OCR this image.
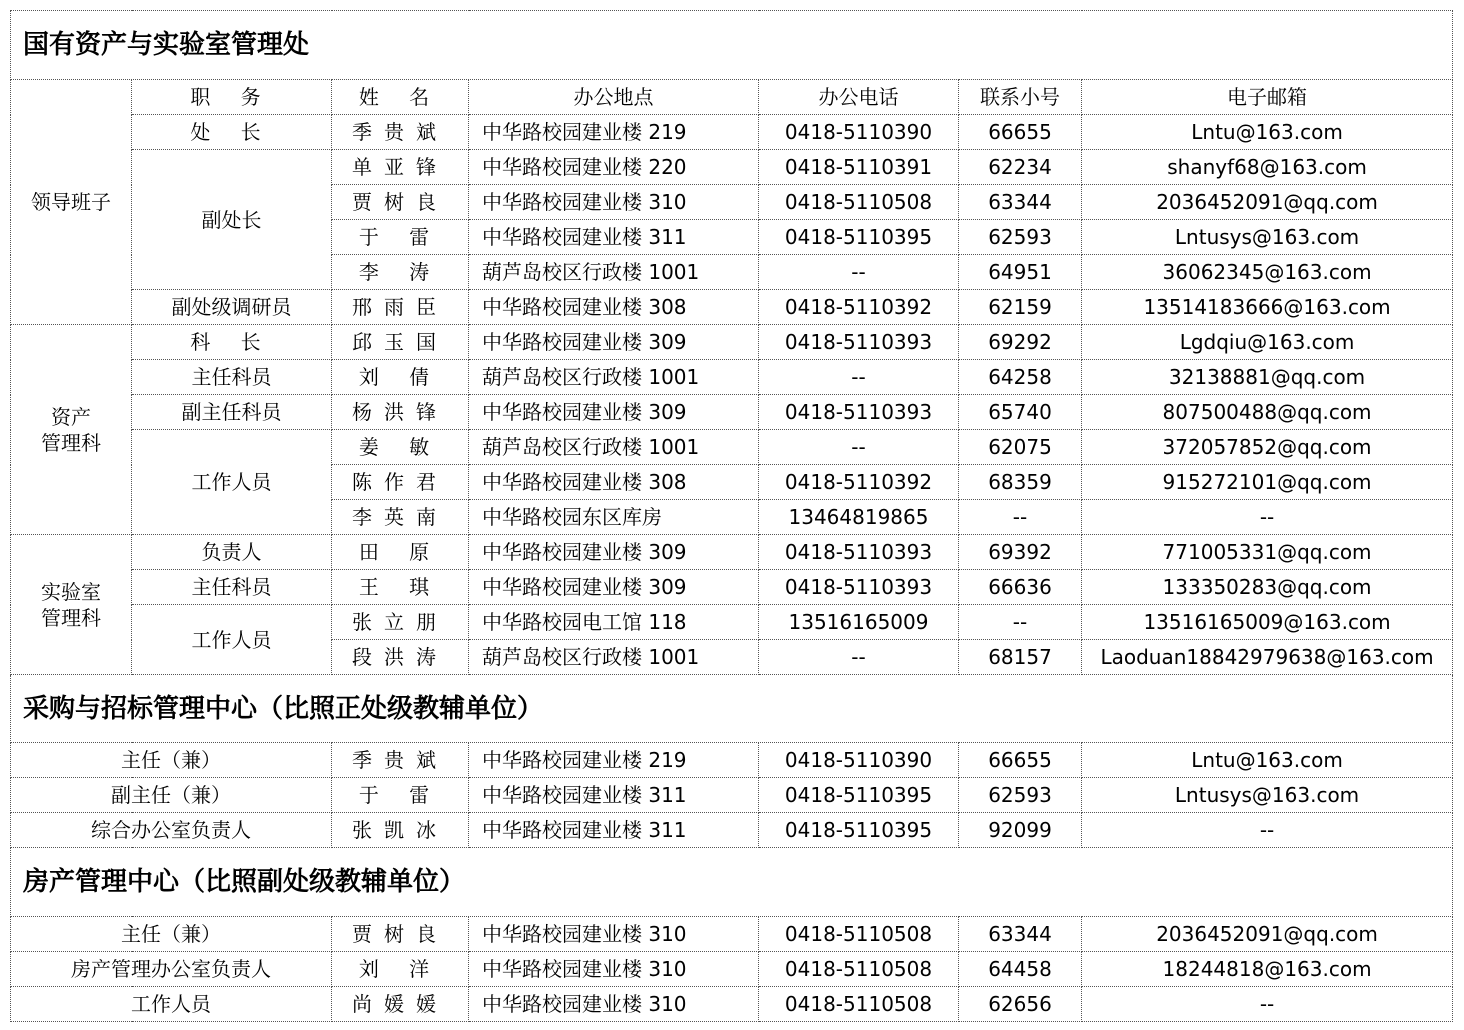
国有资产与实验室管理处						
领导班子	职 务	姓 名	办公地点	办公电话	联系小号	电子邮箱
	处 长	季贵斌	中华路校园建业楼 219	0418-5110390	66655	Lntu@163.com
	副处长	单亚锋	中华路校园建业楼 220	0418-5110391	62234	shanyf68@163.com
		贾树良	中华路校园建业楼 310	0418-5110508	63344	2036452091@qq.com
		于 雷	中华路校园建业楼 311	0418-5110395	62593	Lntusys@163.com
		李 涛	葫芦岛校区行政楼 1001	--	64951	36062345@163.com
	副处级调研员	邢雨臣	中华路校园建业楼 308	0418-5110392	62159	13514183666@163.com
资产
管理科	科 长	邱玉国	中华路校园建业楼 309	0418-5110393	69292	Lgdqiu@163.com
	主任科员	刘 倩	葫芦岛校区行政楼 1001	--	64258	32138881@qq.com
	副主任科员	杨洪锋	中华路校园建业楼 309	0418-5110393	65740	807500488@qq.com
	工作人员	姜 敏	葫芦岛校区行政楼 1001	--	62075	372057852@qq.com
		陈作君	中华路校园建业楼 308	0418-5110392	68359	915272101@qq.com
		李英南	中华路校园东区库房	13464819865	--	--
实验室
管理科	负责人	田 原	中华路校园建业楼 309	0418-5110393	69392	771005331@qq.com
	主任科员	王 琪	中华路校园建业楼 309	0418-5110393	66636	133350283@qq.com
	工作人员	张立朋	中华路校园电工馆 118	13516165009	--	13516165009@163.com
		段洪涛	葫芦岛校区行政楼 1001	--	68157	Laoduan18842979638@163.com
采购与招标管理中心（比照正处级教辅单位）						
主任（兼）		季贵斌	中华路校园建业楼 219	0418-5110390	66655	Lntu@163.com
副主任（兼）		于 雷	中华路校园建业楼 311	0418-5110395	62593	Lntusys@163.com
综合办公室负责人		张凯冰	中华路校园建业楼 311	0418-5110395	92099	--
房产管理中心（比照副处级教辅单位）						
主任（兼）		贾树良	中华路校园建业楼 310	0418-5110508	63344	2036452091@qq.com
房产管理办公室负责人		刘 洋	中华路校园建业楼 310	0418-5110508	64458	18244818@163.com
工作人员		尚媛媛	中华路校园建业楼 310	0418-5110508	62656	--
